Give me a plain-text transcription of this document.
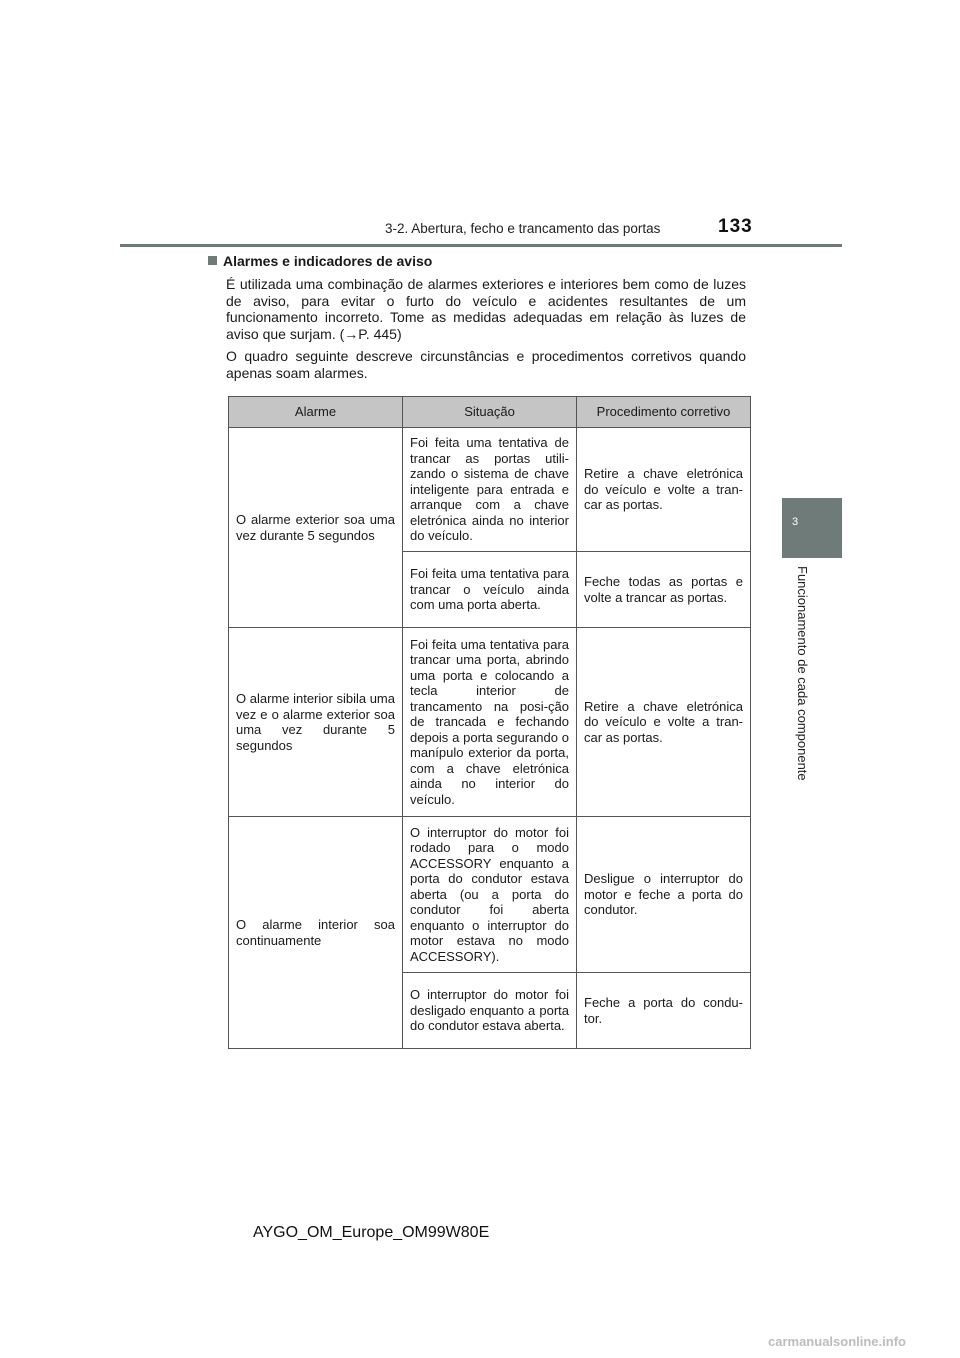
3-2. Abertura, fecho e trancamento das portas	133
3
Funcionamento de cada componente
Alarmes e indicadores de aviso

É utilizada uma combinação de alarmes exteriores e interiores bem como de luzes de aviso, para evitar o furto do veículo e acidentes resultantes de um funcionamento incorreto. Tome as medidas adequadas em relação às luzes de aviso que surjam. (→P. 445)

O quadro seguinte descreve circunstâncias e procedimentos corretivos quando apenas soam alarmes.

Alarme	Situação	Procedimento corretivo
O alarme exterior soa uma vez durante 5 segundos	Foi feita uma tentativa de trancar as portas utili-zando o sistema de chave inteligente para entrada e arranque com a chave eletrónica ainda no interior do veículo.	Retire a chave eletrónica do veículo e volte a tran-car as portas.
	Foi feita uma tentativa para trancar o veículo ainda com uma porta aberta.	Feche todas as portas e volte a trancar as portas.
O alarme interior sibila uma vez e o alarme exterior soa uma vez durante 5 segundos	Foi feita uma tentativa para trancar uma porta, abrindo uma porta e colocando a tecla interior de trancamento na posi-ção de trancada e fechando depois a porta segurando o manípulo exterior da porta, com a chave eletrónica ainda no interior do veículo.	Retire a chave eletrónica do veículo e volte a tran-car as portas.
O alarme interior soa continuamente	O interruptor do motor foi rodado para o modo ACCESSORY enquanto a porta do condutor estava aberta (ou a porta do condutor foi aberta enquanto o interruptor do motor estava no modo ACCESSORY).	Desligue o interruptor do motor e feche a porta do condutor.
	O interruptor do motor foi desligado enquanto a porta do condutor estava aberta.	Feche a porta do condu-tor.
AYGO_OM_Europe_OM99W80E
carmanualsonline.info
